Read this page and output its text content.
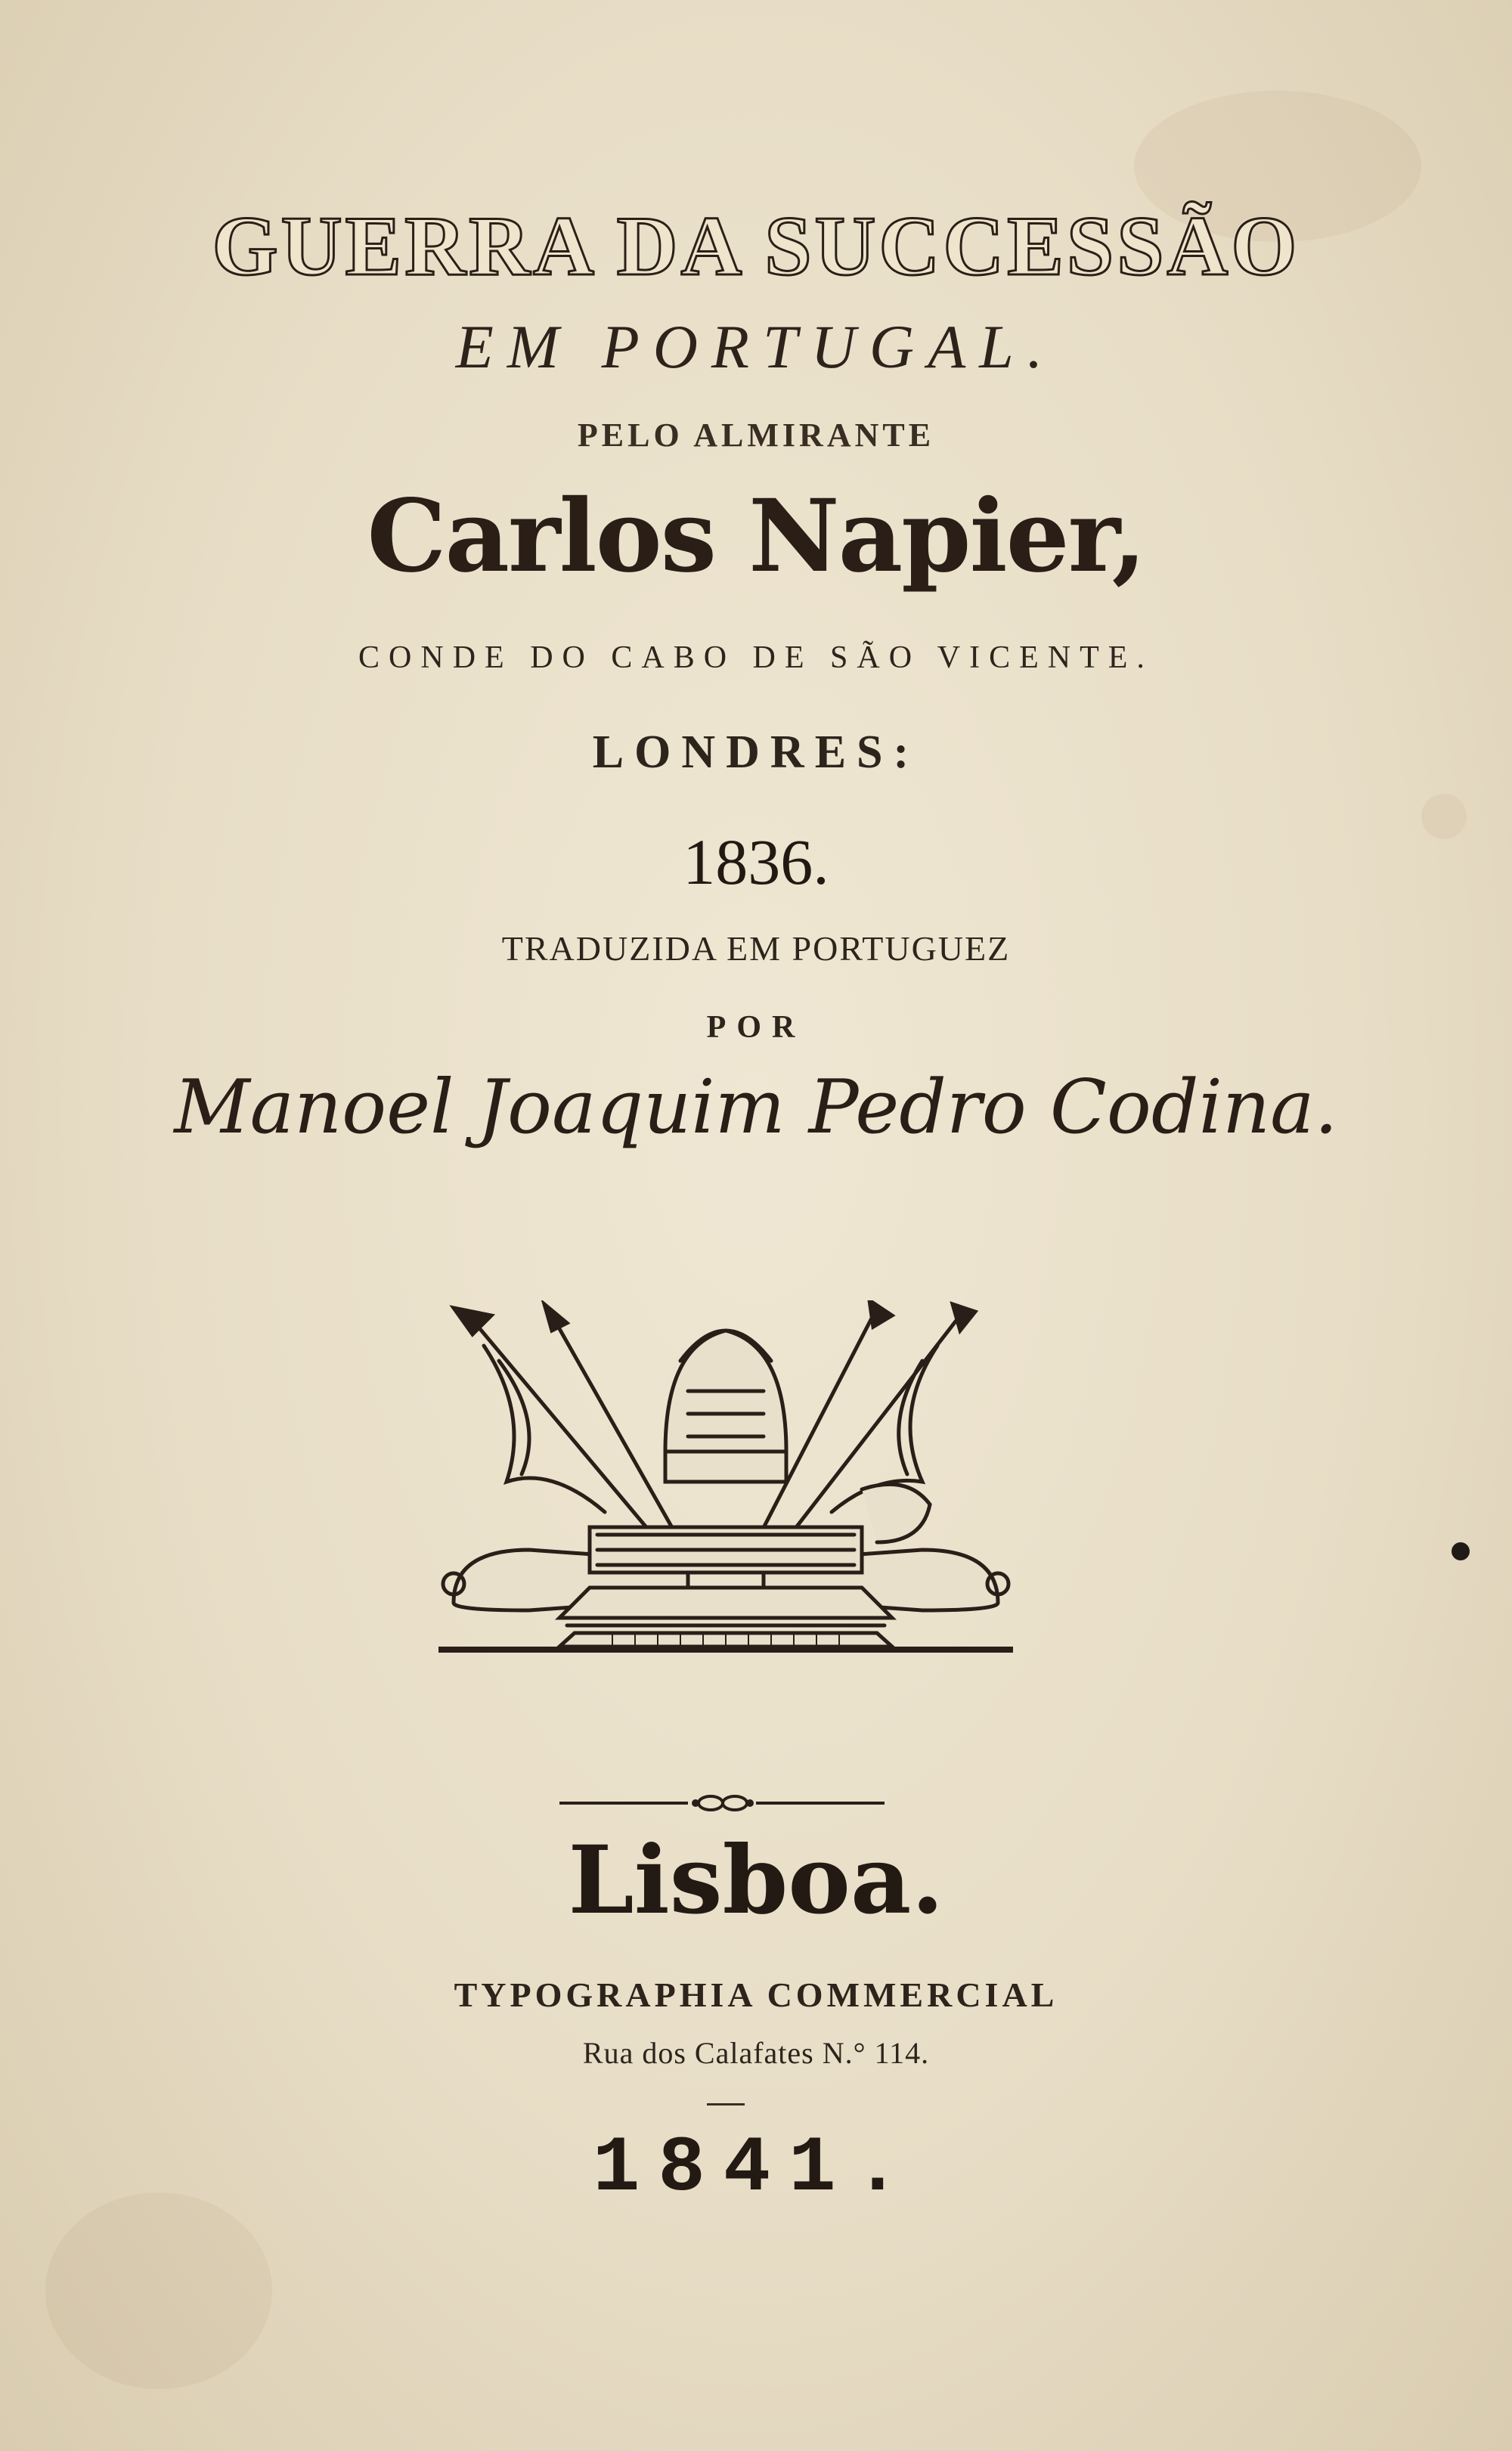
GUERRA DA SUCCESSÃO
EM PORTUGAL.
PELO ALMIRANTE
Carlos Napier,
CONDE DO CABO DE SÃO VICENTE.
LONDRES:
1836.
TRADUZIDA EM PORTUGUEZ
POR
Manoel Joaquim Pedro Codina.
Lisboa.
TYPOGRAPHIA COMMERCIAL
Rua dos Calafates N.° 114.
1841.
